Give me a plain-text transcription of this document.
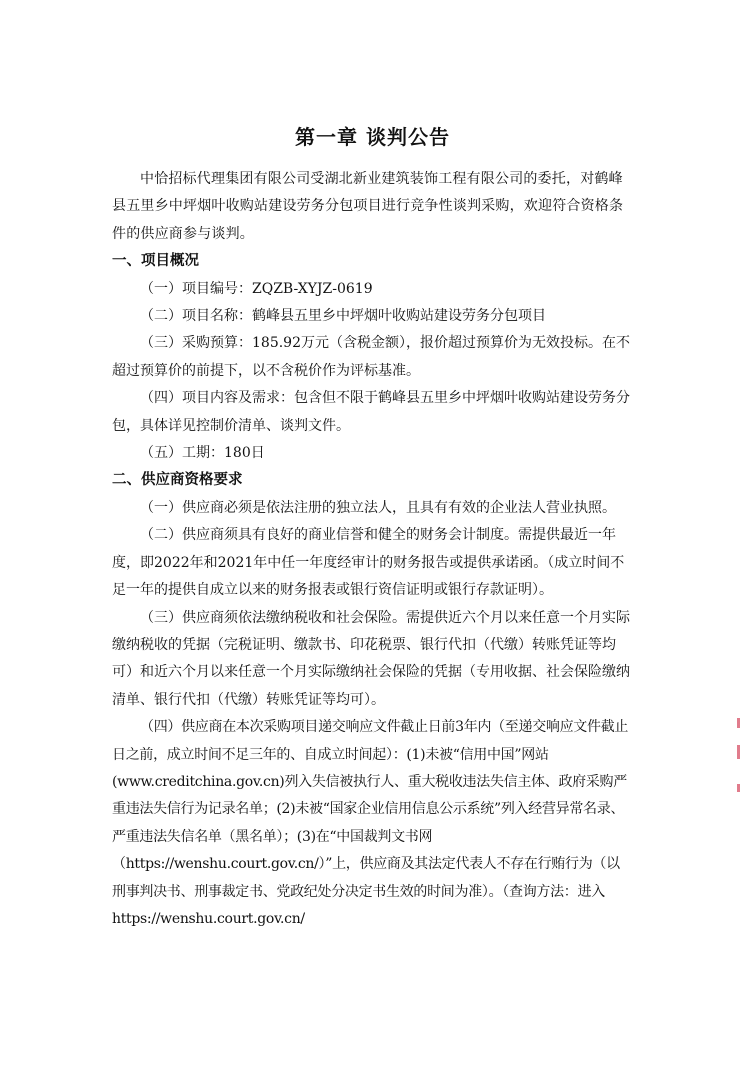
第一章 谈判公告

中恰招标代理集团有限公司受湖北新业建筑装饰工程有限公司的委托，对鹤峰县五里乡中坪烟叶收购站建设劳务分包项目进行竞争性谈判采购，欢迎符合资格条件的供应商参与谈判。

一、项目概况

（一）项目编号：ZQZB-XYJZ-0619

（二）项目名称：鹤峰县五里乡中坪烟叶收购站建设劳务分包项目

（三）采购预算：185.92万元（含税金额），报价超过预算价为无效投标。在不超过预算价的前提下，以不含税价作为评标基准。

（四）项目内容及需求：包含但不限于鹤峰县五里乡中坪烟叶收购站建设劳务分包，具体详见控制价清单、谈判文件。

（五）工期：180日

二、供应商资格要求

（一）供应商必须是依法注册的独立法人，且具有有效的企业法人营业执照。

（二）供应商须具有良好的商业信誉和健全的财务会计制度。需提供最近一年度，即2022年和2021年中任一年度经审计的财务报告或提供承诺函。（成立时间不足一年的提供自成立以来的财务报表或银行资信证明或银行存款证明）。

（三）供应商须依法缴纳税收和社会保险。需提供近六个月以来任意一个月实际缴纳税收的凭据（完税证明、缴款书、印花税票、银行代扣（代缴）转账凭证等均可）和近六个月以来任意一个月实际缴纳社会保险的凭据（专用收据、社会保险缴纳清单、银行代扣（代缴）转账凭证等均可）。

（四）供应商在本次采购项目递交响应文件截止日前3年内（至递交响应文件截止日之前，成立时间不足三年的、自成立时间起）：(1)未被“信用中国”网站(www.creditchina.gov.cn)列入失信被执行人、重大税收违法失信主体、政府采购严重违法失信行为记录名单；(2)未被“国家企业信用信息公示系统”列入经营异常名录、严重违法失信名单（黑名单）；(3)在“中国裁判文书网（https://wenshu.court.gov.cn/）”上，供应商及其法定代表人不存在行贿行为（以刑事判决书、刑事裁定书、党政纪处分决定书生效的时间为准）。（查询方法：进入https://wenshu.court.gov.cn/
